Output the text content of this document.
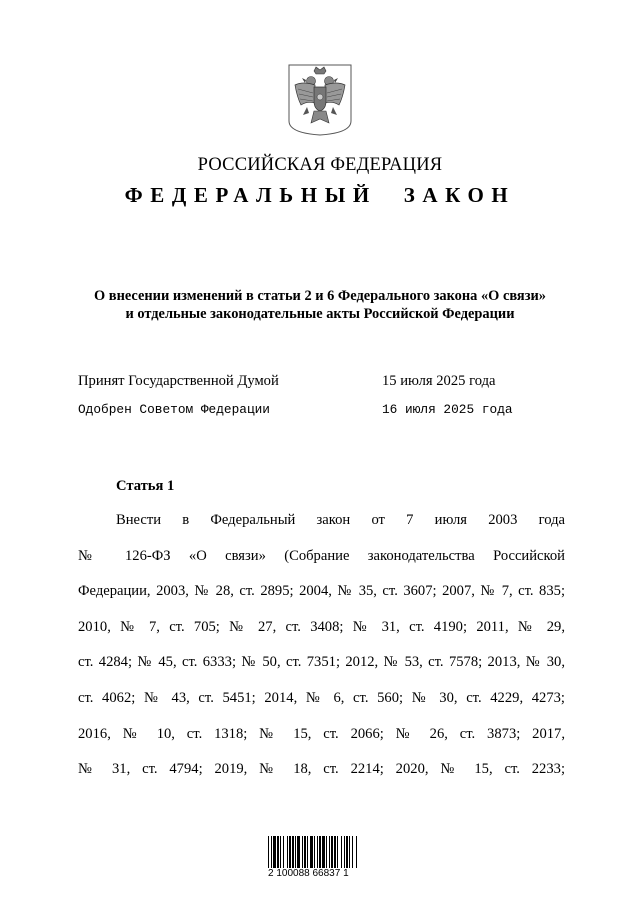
РОССИЙСКАЯ ФЕДЕРАЦИЯ
ФЕДЕРАЛЬНЫЙ ЗАКОН
О внесении изменений в статьи 2 и 6 Федерального закона «О связи»
и отдельные законодательные акты Российской Федерации
Принят Государственной Думой	15 июля 2025 года
Одобрен Советом Федерации	16 июля 2025 года
Статья 1
Внести в Федеральный закон от 7 июля 2003 года
№ 126-ФЗ «О связи» (Собрание законодательства Российской
Федерации, 2003, № 28, ст. 2895; 2004, № 35, ст. 3607; 2007, № 7, ст. 835;
2010, № 7, ст. 705; № 27, ст. 3408; № 31, ст. 4190; 2011, № 29,
ст. 4284; № 45, ст. 6333; № 50, ст. 7351; 2012, № 53, ст. 7578; 2013, № 30,
ст. 4062; № 43, ст. 5451; 2014, № 6, ст. 560; № 30, ст. 4229, 4273;
2016, № 10, ст. 1318; № 15, ст. 2066; № 26, ст. 3873; 2017,
№ 31, ст. 4794; 2019, № 18, ст. 2214; 2020, № 15, ст. 2233;
2 100088 66837 1
